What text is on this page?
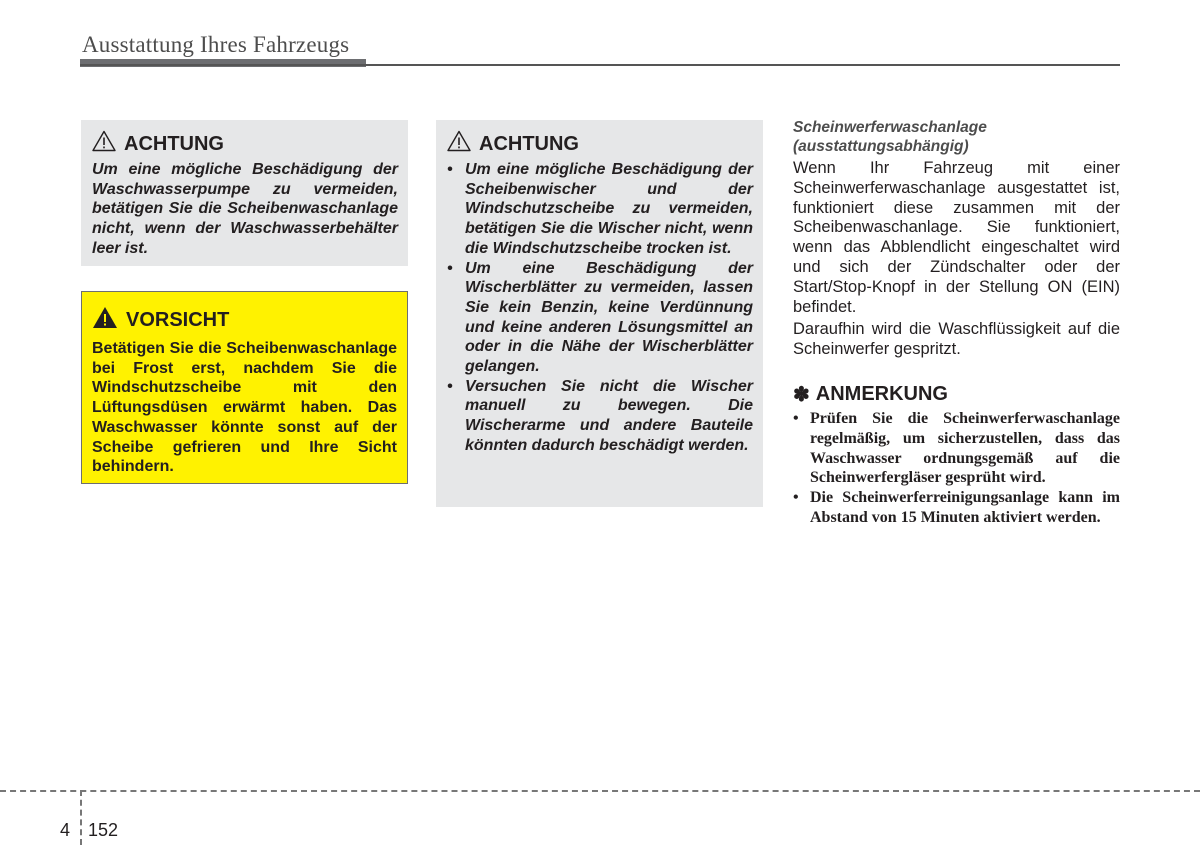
Ausstattung Ihres Fahrzeugs
ACHTUNG
Um eine mögliche Beschädigung der Waschwasserpumpe zu vermeiden, betätigen Sie die Scheibenwaschanlage nicht, wenn der Waschwasserbehälter leer ist.
VORSICHT
Betätigen Sie die Scheibenwaschanlage bei Frost erst, nachdem Sie die Windschutzscheibe mit den Lüftungsdüsen erwärmt haben. Das Waschwasser könnte sonst auf der Scheibe gefrieren und Ihre Sicht behindern.
ACHTUNG
• Um eine mögliche Beschädigung der Scheibenwischer und der Windschutzscheibe zu vermeiden, betätigen Sie die Wischer nicht, wenn die Windschutzscheibe trocken ist.
• Um eine Beschädigung der Wischerblätter zu vermeiden, lassen Sie kein Benzin, keine Verdünnung und keine anderen Lösungsmittel an oder in die Nähe der Wischerblätter gelangen.
• Versuchen Sie nicht die Wischer manuell zu bewegen. Die Wischerarme und andere Bauteile könnten dadurch beschädigt werden.
Scheinwerferwaschanlage (ausstattungsabhängig)
Wenn Ihr Fahrzeug mit einer Scheinwerferwaschanlage ausgestattet ist, funktioniert diese zusammen mit der Scheibenwaschanlage. Sie funktioniert, wenn das Abblendlicht eingeschaltet wird und sich der Zündschalter oder der Start/Stop-Knopf in der Stellung ON (EIN) befindet.
Daraufhin wird die Waschflüssigkeit auf die Scheinwerfer gespritzt.
✽ ANMERKUNG
• Prüfen Sie die Scheinwerferwaschanlage regelmäßig, um sicherzustellen, dass das Waschwasser ordnungsgemäß auf die Scheinwerfergläser gesprüht wird.
• Die Scheinwerferreinigungsanlage kann im Abstand von 15 Minuten aktiviert werden.
4 152
